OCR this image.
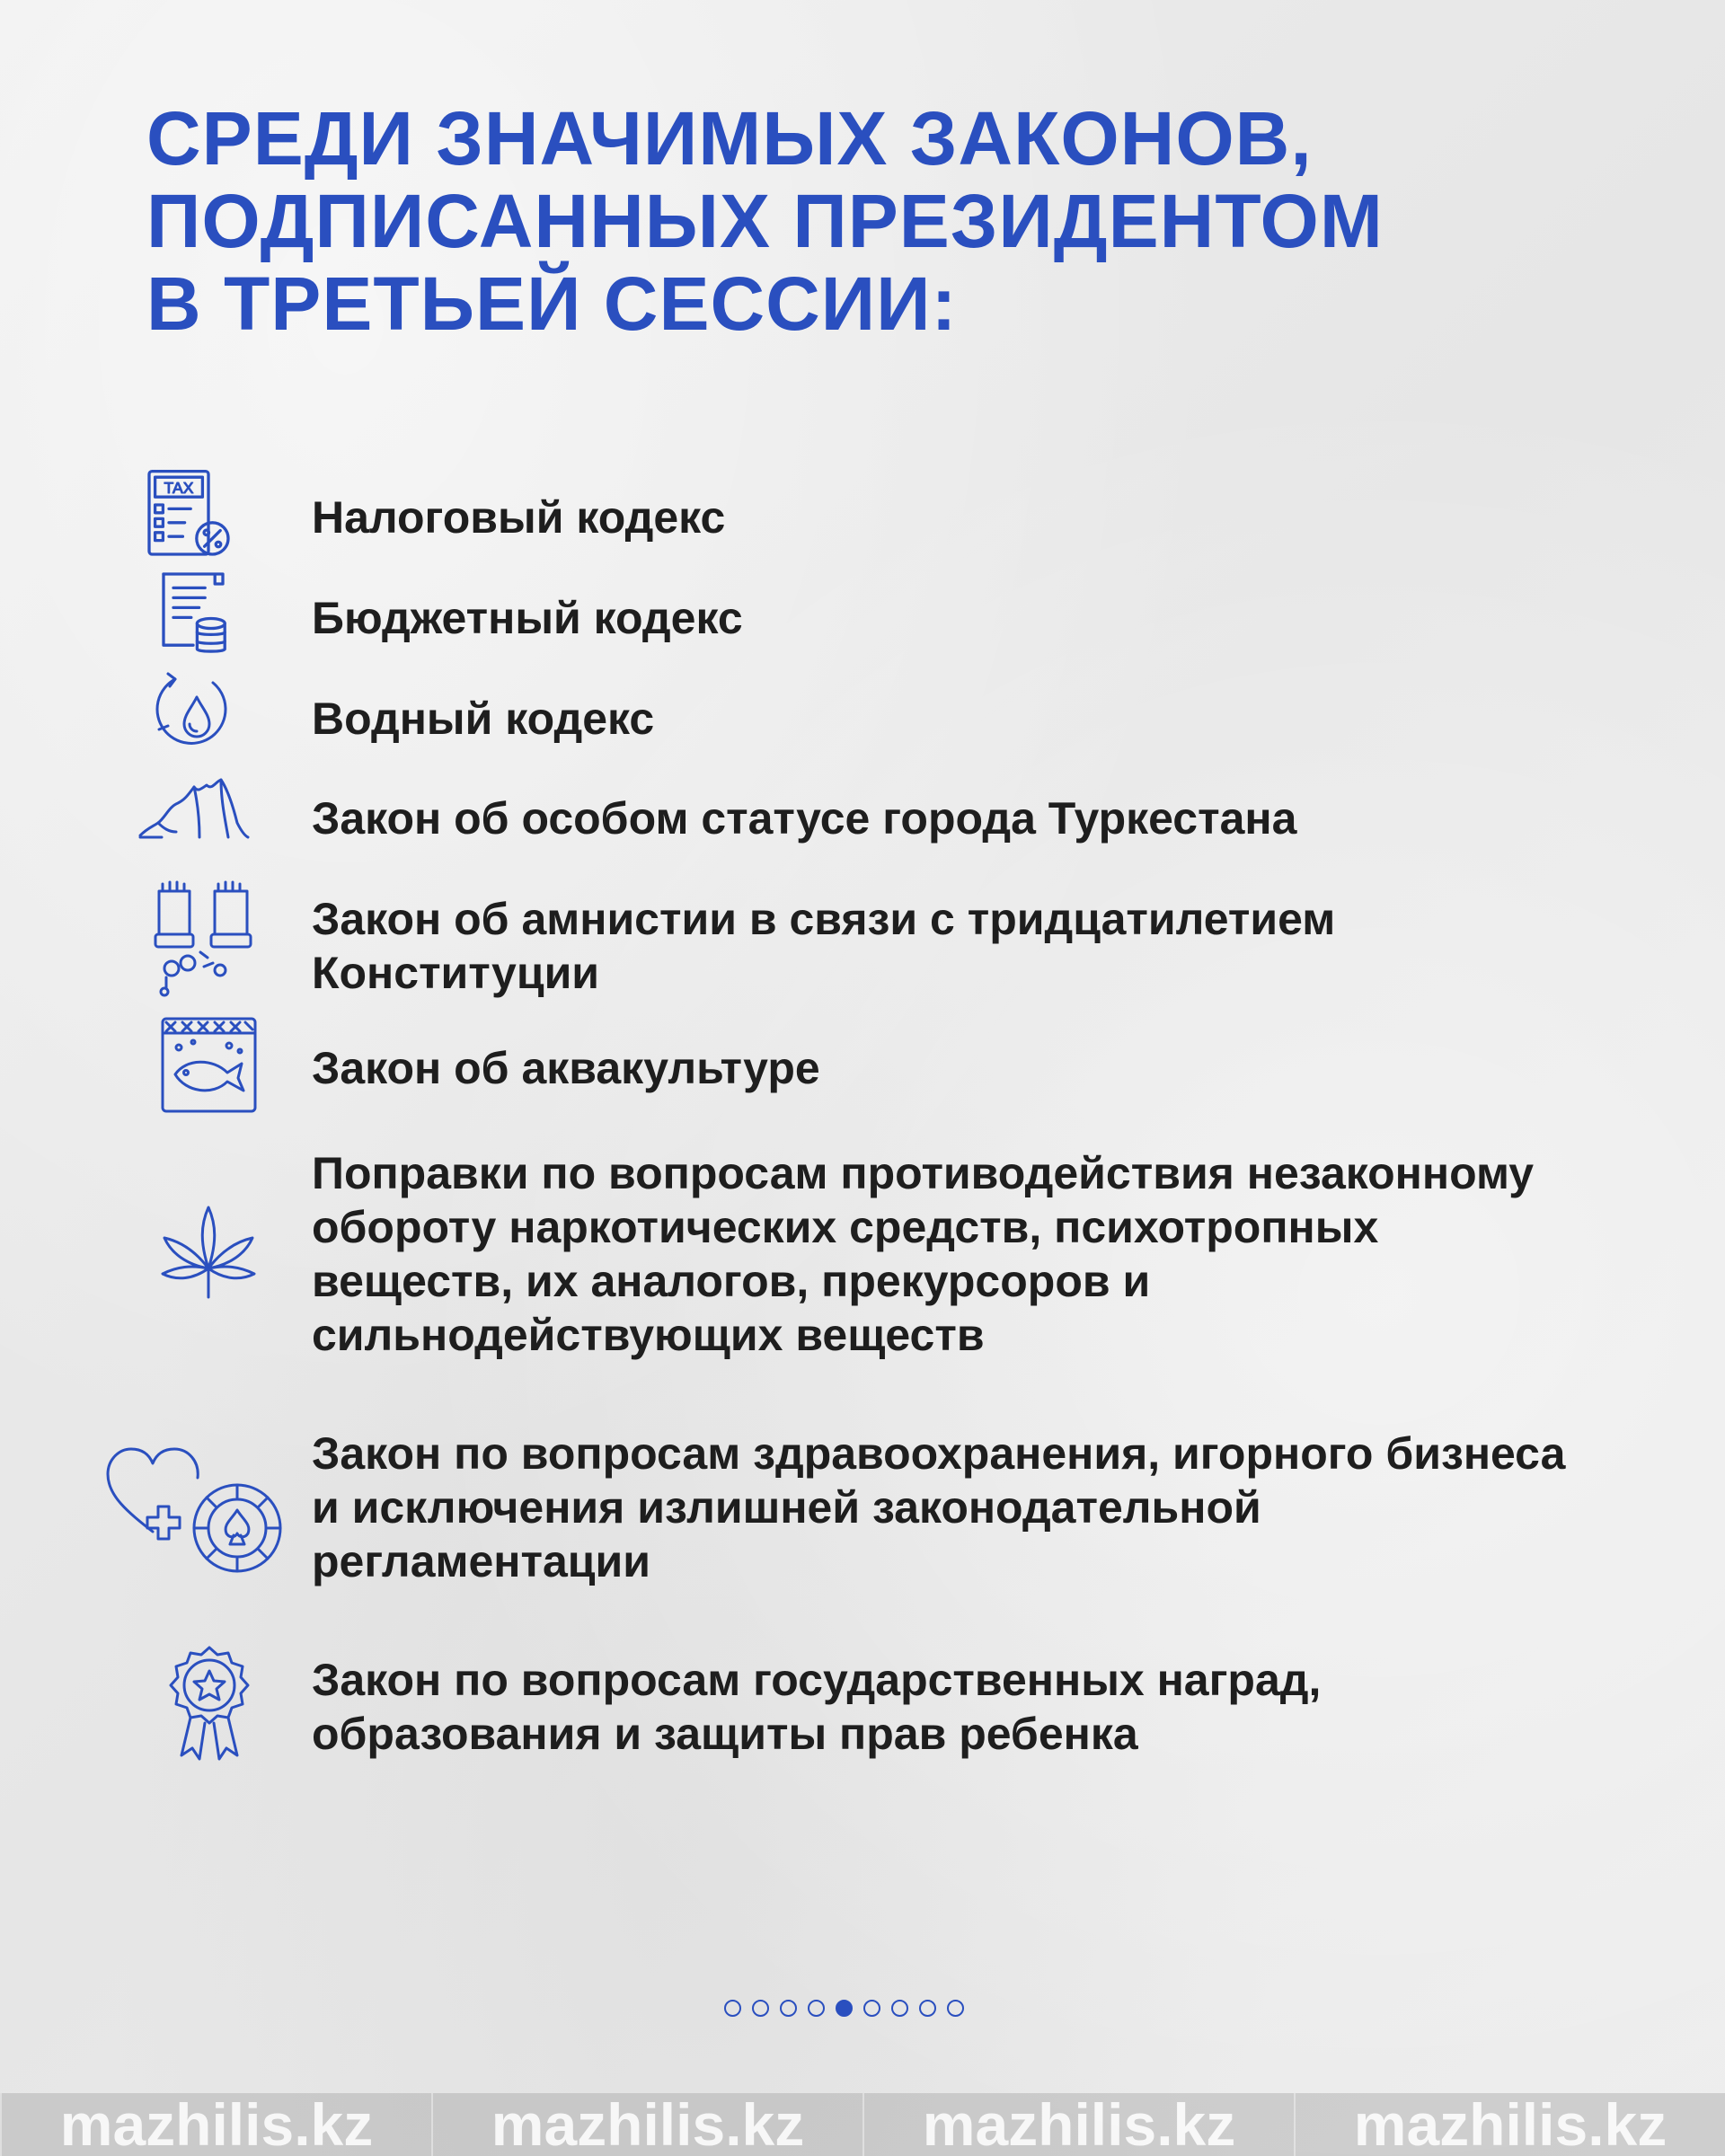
СРЕДИ ЗНАЧИМЫХ ЗАКОНОВ,
ПОДПИСАННЫХ ПРЕЗИДЕНТОМ
В ТРЕТЬЕЙ СЕССИИ:
TAX

Налоговый кодекс

Бюджетный кодекс

Водный кодекс

Закон об особом статусе города Туркестана

Закон об амнистии в связи с тридцатилетием
Конституции

Закон об аквакультуре

Поправки по вопросам противодействия незаконному
обороту наркотических средств, психотропных
веществ, их аналогов, прекурсоров и
сильнодействующих веществ

Закон по вопросам здравоохранения, игорного бизнеса
и исключения излишней законодательной
регламентации

Закон по вопросам государственных наград,
образования и защиты прав ребенка

mazhilis.kz	mazhilis.kz	mazhilis.kz	mazhilis.kz
